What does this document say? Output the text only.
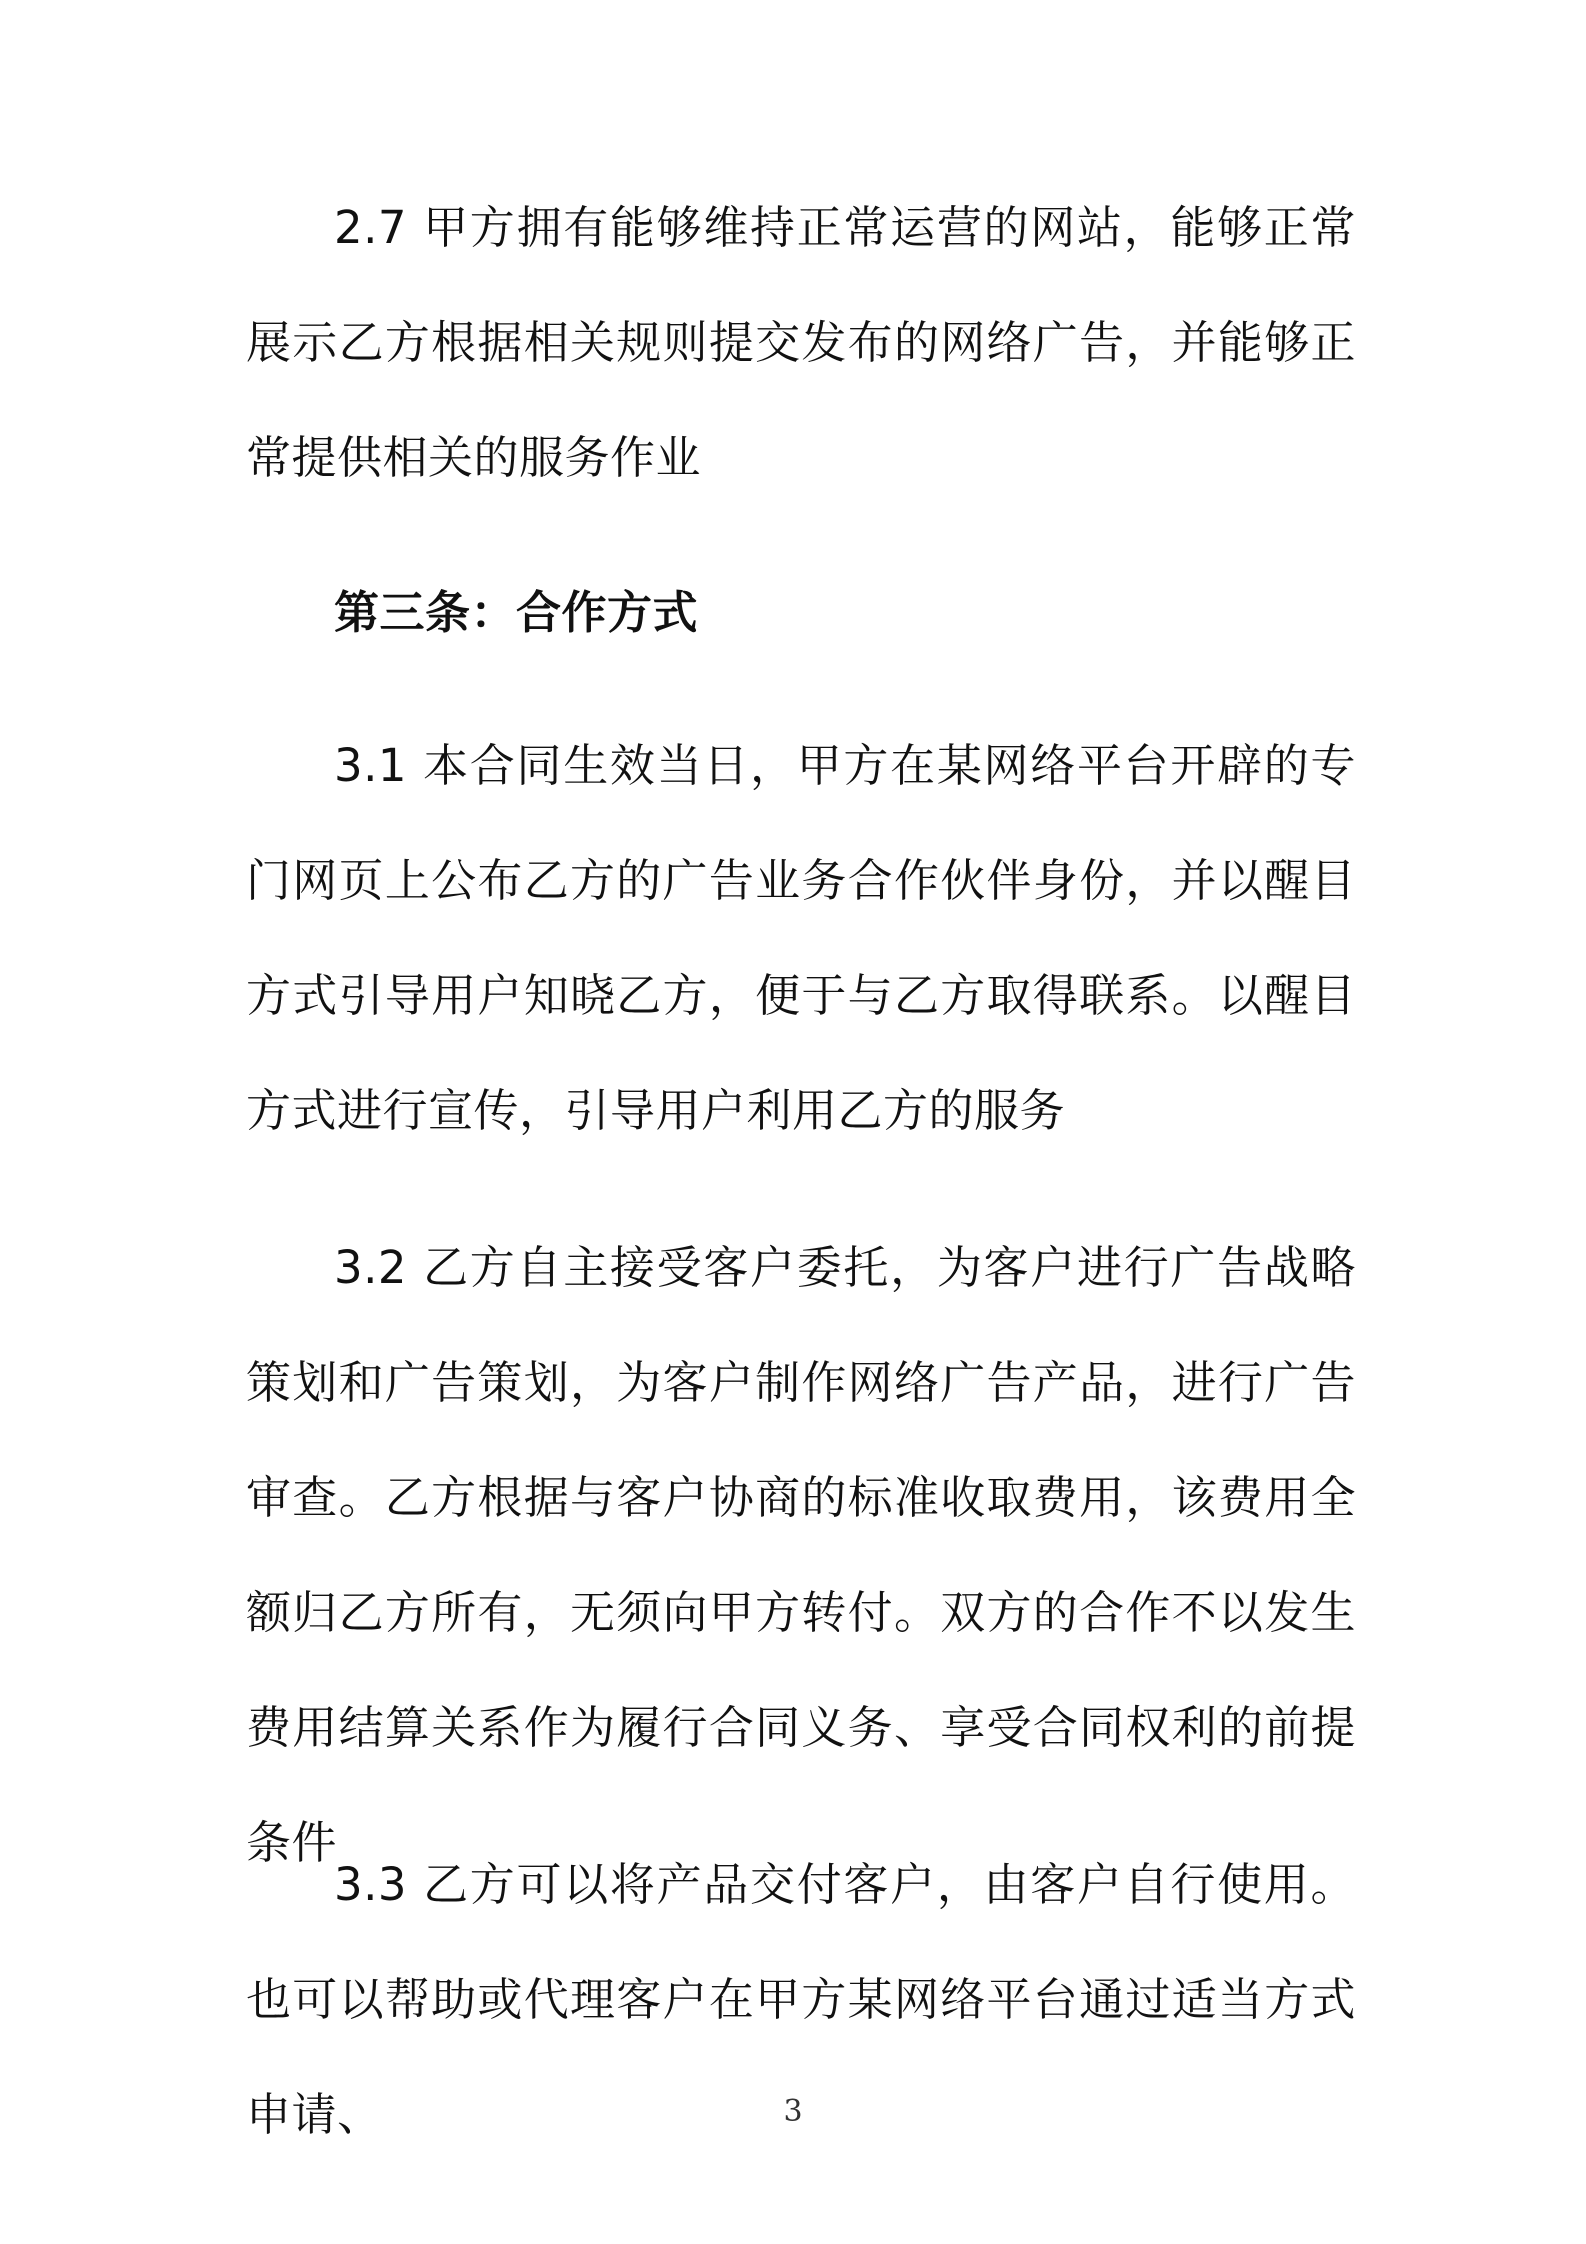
2.7 甲方拥有能够维持正常运营的网站，能够正常展示乙方根据相关规则提交发布的网络广告，并能够正常提供相关的服务作业

第三条：合作方式

3.1 本合同生效当日，甲方在某网络平台开辟的专门网页上公布乙方的广告业务合作伙伴身份，并以醒目方式引导用户知晓乙方，便于与乙方取得联系。以醒目方式进行宣传，引导用户利用乙方的服务

3.2 乙方自主接受客户委托，为客户进行广告战略策划和广告策划，为客户制作网络广告产品，进行广告审查。乙方根据与客户协商的标准收取费用，该费用全额归乙方所有，无须向甲方转付。双方的合作不以发生费用结算关系作为履行合同义务、享受合同权利的前提条件

3.3 乙方可以将产品交付客户，由客户自行使用。也可以帮助或代理客户在甲方某网络平台通过适当方式申请、	3
